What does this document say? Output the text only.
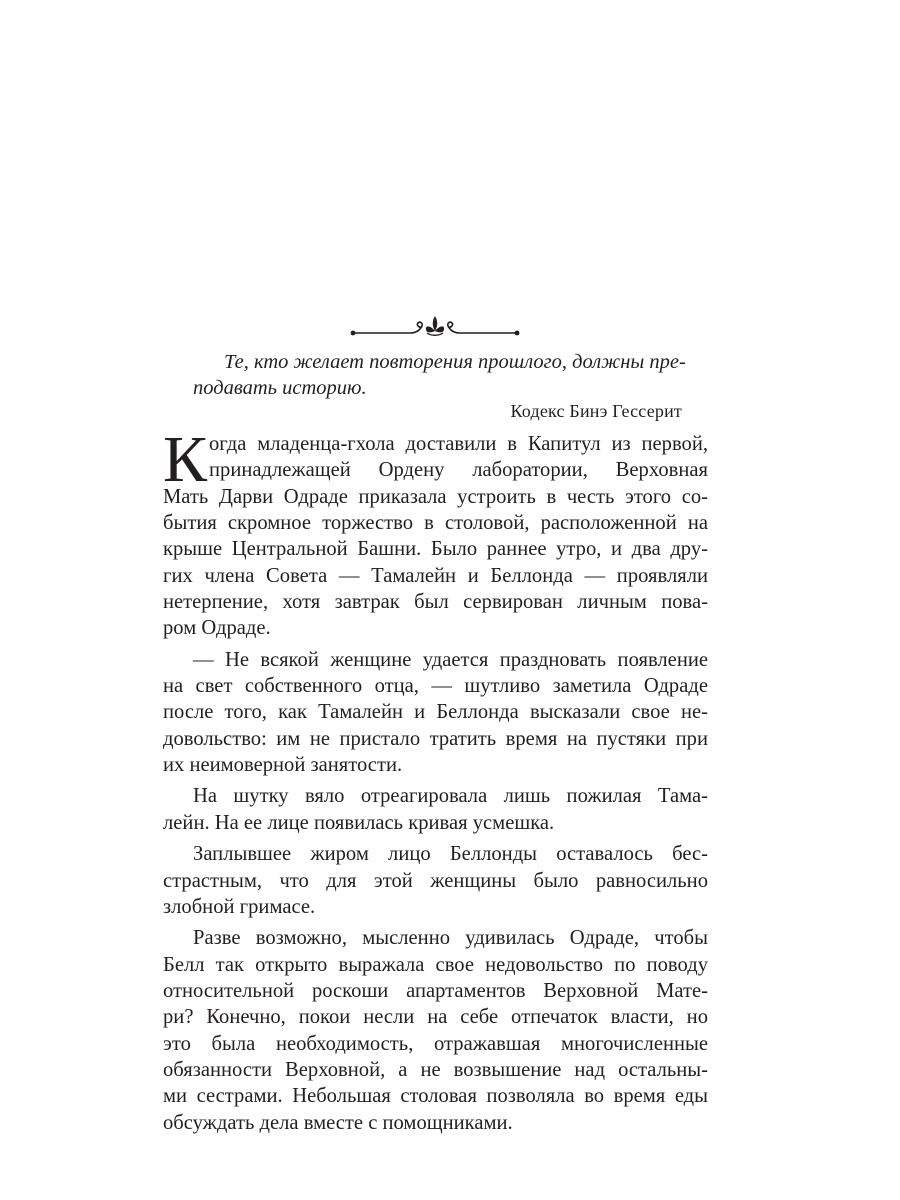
Те, кто желает повторения прошлого, должны пре-
подавать историю.
Кодекс Бинэ Гессерит
К огда младенца-гхола доставили в Капитул из первой,
принадлежащей Ордену лаборатории, Верховная
Мать Дарви Одраде приказала устроить в честь этого со-
бытия скромное торжество в столовой, расположенной на
крыше Центральной Башни. Было раннее утро, и два дру-
гих члена Совета — Тамалейн и Беллонда — проявляли
нетерпение, хотя завтрак был сервирован личным пова-
ром Одраде.
— Не всякой женщине удается праздновать появление
на свет собственного отца, — шутливо заметила Одраде
после того, как Тамалейн и Беллонда высказали свое не-
довольство: им не пристало тратить время на пустяки при
их неимоверной занятости.
На шутку вяло отреагировала лишь пожилая Тама-
лейн. На ее лице появилась кривая усмешка.
Заплывшее жиром лицо Беллонды оставалось бес-
страстным, что для этой женщины было равносильно
злобной гримасе.
Разве возможно, мысленно удивилась Одраде, чтобы
Белл так открыто выражала свое недовольство по поводу
относительной роскоши апартаментов Верховной Мате-
ри? Конечно, покои несли на себе отпечаток власти, но
это была необходимость, отражавшая многочисленные
обязанности Верховной, а не возвышение над остальны-
ми сестрами. Небольшая столовая позволяла во время еды
обсуждать дела вместе с помощниками.
